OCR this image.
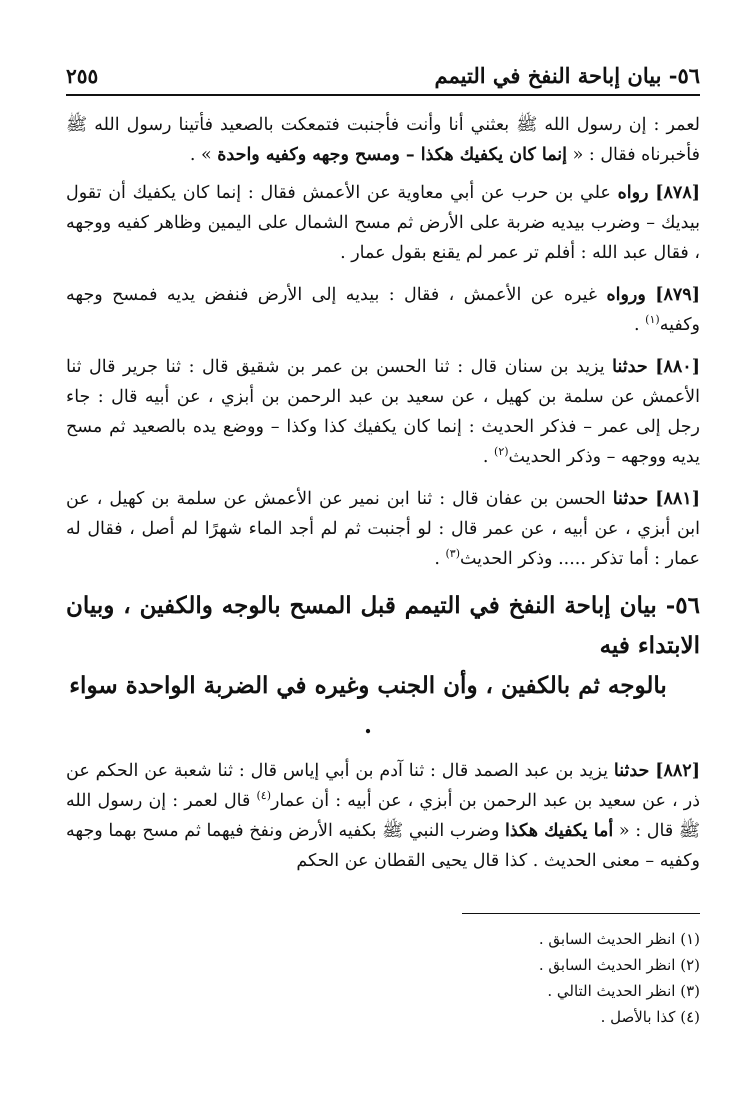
٥٦- بيان إباحة النفخ في التيمم
٢٥٥

لعمر : إن رسول الله ﷺ بعثني أنا وأنت فأجنبت فتمعكت بالصعيد فأتينا رسول الله ﷺ فأخبرناه فقال : « إنما كان يكفيك هكذا – ومسح وجهه وكفيه واحدة » .

[٨٧٨] رواه علي بن حرب عن أبي معاوية عن الأعمش فقال : إنما كان يكفيك أن تقول بيديك – وضرب بيديه ضربة على الأرض ثم مسح الشمال على اليمين وظاهر كفيه ووجهه ، فقال عبد الله : أفلم تر عمر لم يقنع بقول عمار .

[٨٧٩] ورواه غيره عن الأعمش ، فقال : بيديه إلى الأرض فنفض يديه فمسح وجهه وكفيه$^{(١)}$ .

[٨٨٠] حدثنا يزيد بن سنان قال : ثنا الحسن بن عمر بن شقيق قال : ثنا جرير قال ثنا الأعمش عن سلمة بن كهيل ، عن سعيد بن عبد الرحمن بن أبزي ، عن أبيه قال : جاء رجل إلى عمر – فذكر الحديث : إنما كان يكفيك كذا وكذا – ووضع يده بالصعيد ثم مسح يديه ووجهه – وذكر الحديث$^{(٢)}$ .

[٨٨١] حدثنا الحسن بن عفان قال : ثنا ابن نمير عن الأعمش عن سلمة بن كهيل ، عن ابن أبزي ، عن أبيه ، عن عمر قال : لو أجنبت ثم لم أجد الماء شهرًا لم أصل ، فقال له عمار : أما تذكر ..... وذكر الحديث$^{(٣)}$ .

٥٦- بيان إباحة النفخ في التيمم قبل المسح بالوجه والكفين ، وبيان الابتداء فيه
بالوجه ثم بالكفين ، وأن الجنب وغيره في الضربة الواحدة سواء .

[٨٨٢] حدثنا يزيد بن عبد الصمد قال : ثنا آدم بن أبي إياس قال : ثنا شعبة عن الحكم عن ذر ، عن سعيد بن عبد الرحمن بن أبزي ، عن أبيه : أن عمار$^{(٤)}$ قال لعمر : إن رسول الله ﷺ قال : « أما يكفيك هكذا وضرب النبي ﷺ بكفيه الأرض ونفخ فيهما ثم مسح بهما وجهه وكفيه – معنى الحديث . كذا قال يحيى القطان عن الحكم

(١) انظر الحديث السابق .
(٢) انظر الحديث السابق .
(٣) انظر الحديث التالي .
(٤) كذا بالأصل .
